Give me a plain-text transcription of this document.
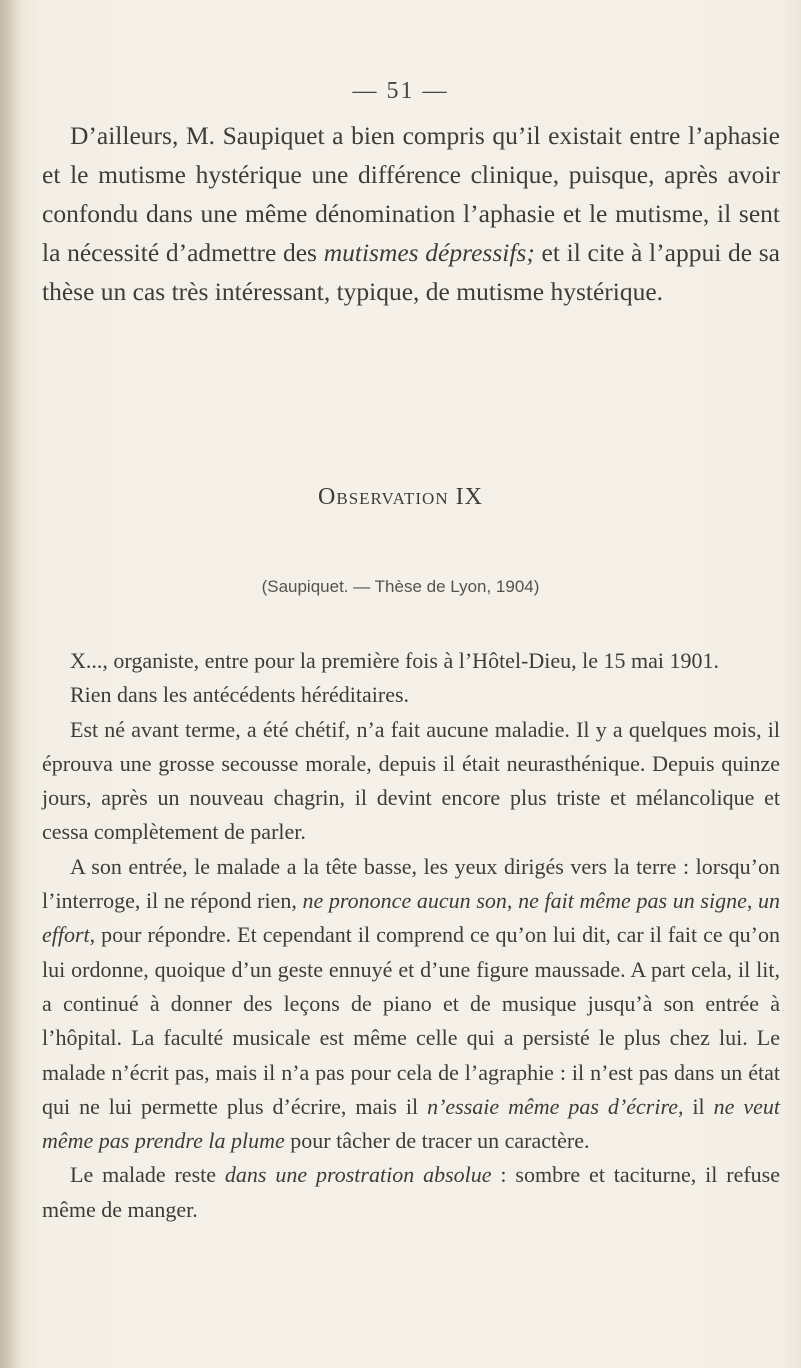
— 51 —

D’ailleurs, M. Saupiquet a bien compris qu’il existait entre l’aphasie et le mutisme hystérique une différence clinique, puisque, après avoir confondu dans une même dénomination l’aphasie et le mutisme, il sent la nécessité d’admettre des mutismes dépressifs; et il cite à l’appui de sa thèse un cas très intéressant, typique, de mutisme hystérique.

Observation IX
(Saupiquet. — Thèse de Lyon, 1904)

X..., organiste, entre pour la première fois à l’Hôtel-Dieu, le 15 mai 1901.

Rien dans les antécédents héréditaires.

Est né avant terme, a été chétif, n’a fait aucune maladie. Il y a quelques mois, il éprouva une grosse secousse morale, depuis il était neurasthénique. Depuis quinze jours, après un nouveau chagrin, il devint encore plus triste et mélancolique et cessa complètement de parler.

A son entrée, le malade a la tête basse, les yeux dirigés vers la terre : lorsqu’on l’interroge, il ne répond rien, ne prononce aucun son, ne fait même pas un signe, un effort, pour répondre. Et cependant il comprend ce qu’on lui dit, car il fait ce qu’on lui ordonne, quoique d’un geste ennuyé et d’une figure maussade. A part cela, il lit, a continué à donner des leçons de piano et de musique jusqu’à son entrée à l’hôpital. La faculté musicale est même celle qui a persisté le plus chez lui. Le malade n’écrit pas, mais il n’a pas pour cela de l’agraphie : il n’est pas dans un état qui ne lui permette plus d’écrire, mais il n’essaie même pas d’écrire, il ne veut même pas prendre la plume pour tâcher de tracer un caractère.

Le malade reste dans une prostration absolue : sombre et taciturne, il refuse même de manger.
